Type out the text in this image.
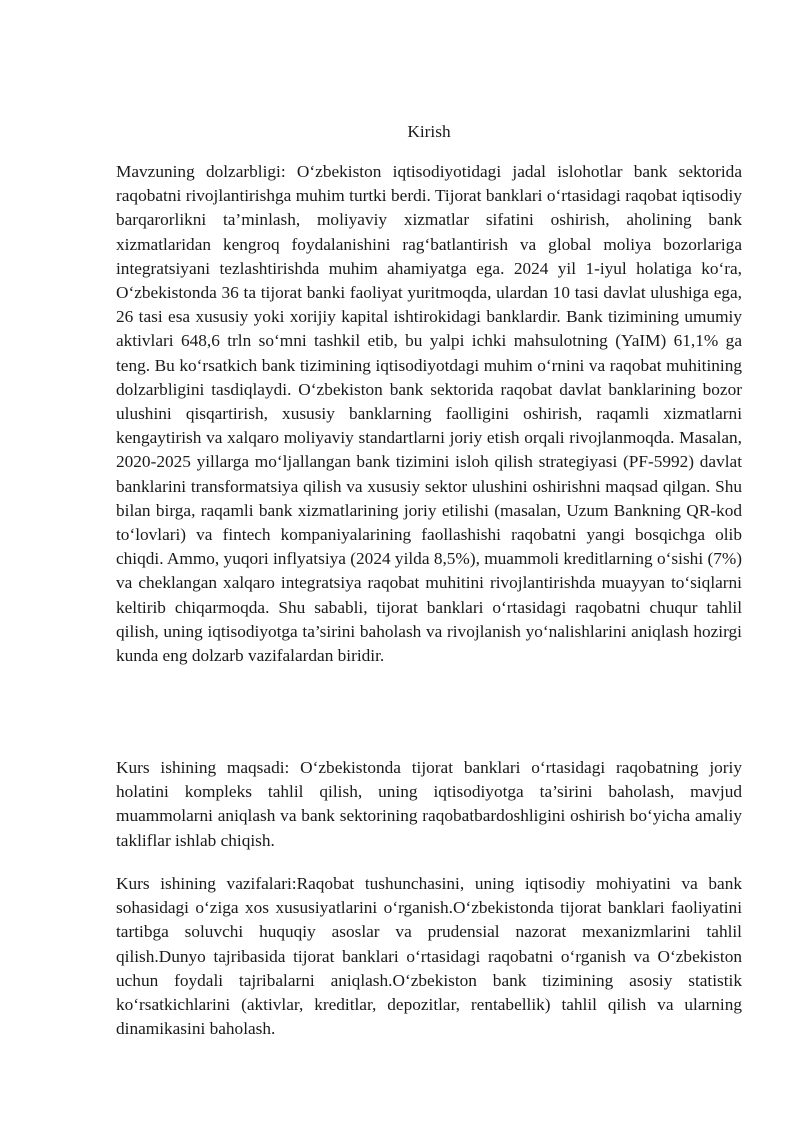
Kirish

Mavzuning dolzarbligi: O‘zbekiston iqtisodiyotidagi jadal islohotlar bank sektorida raqobatni rivojlantirishga muhim turtki berdi. Tijorat banklari o‘rtasidagi raqobat iqtisodiy barqarorlikni ta’minlash, moliyaviy xizmatlar sifatini oshirish, aholining bank xizmatlaridan kengroq foydalanishini rag‘batlantirish va global moliya bozorlariga integratsiyani tezlashtirishda muhim ahamiyatga ega. 2024 yil 1-iyul holatiga ko‘ra, O‘zbekistonda 36 ta tijorat banki faoliyat yuritmoqda, ulardan 10 tasi davlat ulushiga ega, 26 tasi esa xususiy yoki xorijiy kapital ishtirokidagi banklardir. Bank tizimining umumiy aktivlari 648,6 trln so‘mni tashkil etib, bu yalpi ichki mahsulotning (YaIM) 61,1% ga teng. Bu ko‘rsatkich bank tizimining iqtisodiyotdagi muhim o‘rnini va raqobat muhitining dolzarbligini tasdiqlaydi. O‘zbekiston bank sektorida raqobat davlat banklarining bozor ulushini qisqartirish, xususiy banklarning faolligini oshirish, raqamli xizmatlarni kengaytirish va xalqaro moliyaviy standartlarni joriy etish orqali rivojlanmoqda. Masalan, 2020-2025 yillarga mo‘ljallangan bank tizimini isloh qilish strategiyasi (PF-5992) davlat banklarini transformatsiya qilish va xususiy sektor ulushini oshirishni maqsad qilgan. Shu bilan birga, raqamli bank xizmatlarining joriy etilishi (masalan, Uzum Bankning QR-kod to‘lovlari) va fintech kompaniyalarining faollashishi raqobatni yangi bosqichga olib chiqdi. Ammo, yuqori inflyatsiya (2024 yilda 8,5%), muammoli kreditlarning o‘sishi (7%) va cheklangan xalqaro integratsiya raqobat muhitini rivojlantirishda muayyan to‘siqlarni keltirib chiqarmoqda. Shu sababli, tijorat banklari o‘rtasidagi raqobatni chuqur tahlil qilish, uning iqtisodiyotga ta’sirini baholash va rivojlanish yo‘nalishlarini aniqlash hozirgi kunda eng dolzarb vazifalardan biridir.

Kurs ishining maqsadi: O‘zbekistonda tijorat banklari o‘rtasidagi raqobatning joriy holatini kompleks tahlil qilish, uning iqtisodiyotga ta’sirini baholash, mavjud muammolarni aniqlash va bank sektorining raqobatbardoshligini oshirish bo‘yicha amaliy takliflar ishlab chiqish.

Kurs ishining vazifalari:Raqobat tushunchasini, uning iqtisodiy mohiyatini va bank sohasidagi o‘ziga xos xususiyatlarini o‘rganish.O‘zbekistonda tijorat banklari faoliyatini tartibga soluvchi huquqiy asoslar va prudensial nazorat mexanizmlarini tahlil qilish.Dunyo tajribasida tijorat banklari o‘rtasidagi raqobatni o‘rganish va O‘zbekiston uchun foydali tajribalarni aniqlash.O‘zbekiston bank tizimining asosiy statistik ko‘rsatkichlarini (aktivlar, kreditlar, depozitlar, rentabellik) tahlil qilish va ularning dinamikasini baholash.
